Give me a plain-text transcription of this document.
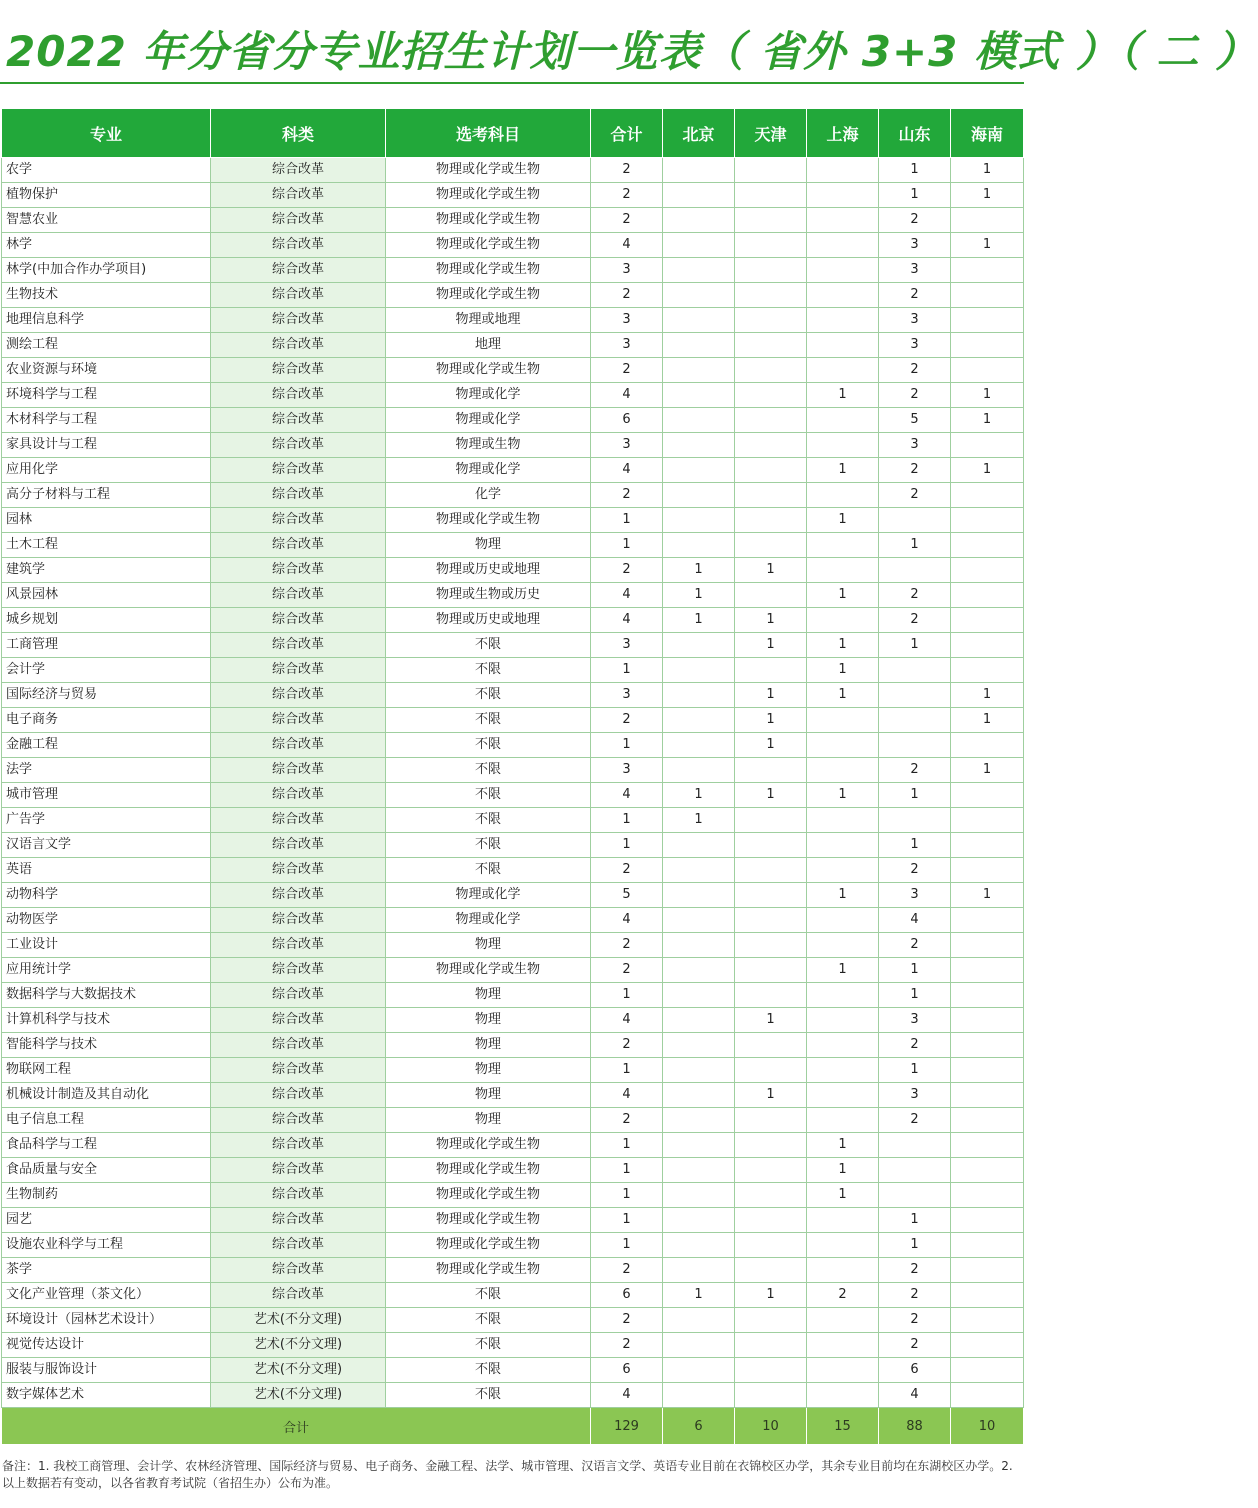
2022 年分省分专业招生计划一览表（ 省外 3+3 模式 ）（ 二 ）
专业	科类	选考科目	合计	北京	天津	上海	山东	海南
农学	综合改革	物理或化学或生物	2				1	1
植物保护	综合改革	物理或化学或生物	2				1	1
智慧农业	综合改革	物理或化学或生物	2				2	
林学	综合改革	物理或化学或生物	4				3	1
林学(中加合作办学项目)	综合改革	物理或化学或生物	3				3	
生物技术	综合改革	物理或化学或生物	2				2	
地理信息科学	综合改革	物理或地理	3				3	
测绘工程	综合改革	地理	3				3	
农业资源与环境	综合改革	物理或化学或生物	2				2	
环境科学与工程	综合改革	物理或化学	4			1	2	1
木材科学与工程	综合改革	物理或化学	6				5	1
家具设计与工程	综合改革	物理或生物	3				3	
应用化学	综合改革	物理或化学	4			1	2	1
高分子材料与工程	综合改革	化学	2				2	
园林	综合改革	物理或化学或生物	1			1		
土木工程	综合改革	物理	1				1	
建筑学	综合改革	物理或历史或地理	2	1	1			
风景园林	综合改革	物理或生物或历史	4	1		1	2	
城乡规划	综合改革	物理或历史或地理	4	1	1		2	
工商管理	综合改革	不限	3		1	1	1	
会计学	综合改革	不限	1			1		
国际经济与贸易	综合改革	不限	3		1	1		1
电子商务	综合改革	不限	2		1			1
金融工程	综合改革	不限	1		1			
法学	综合改革	不限	3				2	1
城市管理	综合改革	不限	4	1	1	1	1	
广告学	综合改革	不限	1	1				
汉语言文学	综合改革	不限	1				1	
英语	综合改革	不限	2				2	
动物科学	综合改革	物理或化学	5			1	3	1
动物医学	综合改革	物理或化学	4				4	
工业设计	综合改革	物理	2				2	
应用统计学	综合改革	物理或化学或生物	2			1	1	
数据科学与大数据技术	综合改革	物理	1				1	
计算机科学与技术	综合改革	物理	4		1		3	
智能科学与技术	综合改革	物理	2				2	
物联网工程	综合改革	物理	1				1	
机械设计制造及其自动化	综合改革	物理	4		1		3	
电子信息工程	综合改革	物理	2				2	
食品科学与工程	综合改革	物理或化学或生物	1			1		
食品质量与安全	综合改革	物理或化学或生物	1			1		
生物制药	综合改革	物理或化学或生物	1			1		
园艺	综合改革	物理或化学或生物	1				1	
设施农业科学与工程	综合改革	物理或化学或生物	1				1	
茶学	综合改革	物理或化学或生物	2				2	
文化产业管理（茶文化）	综合改革	不限	6	1	1	2	2	
环境设计（园林艺术设计）	艺术(不分文理)	不限	2				2	
视觉传达设计	艺术(不分文理)	不限	2				2	
服装与服饰设计	艺术(不分文理)	不限	6				6	
数字媒体艺术	艺术(不分文理)	不限	4				4	
合计			129	6	10	15	88	10
备注：1. 我校工商管理、会计学、农林经济管理、国际经济与贸易、电子商务、金融工程、法学、城市管理、汉语言文学、英语专业目前在衣锦校区办学，其余专业目前均在东湖校区办学。2. 以上数据若有变动，以各省教育考试院（省招生办）公布为准。
